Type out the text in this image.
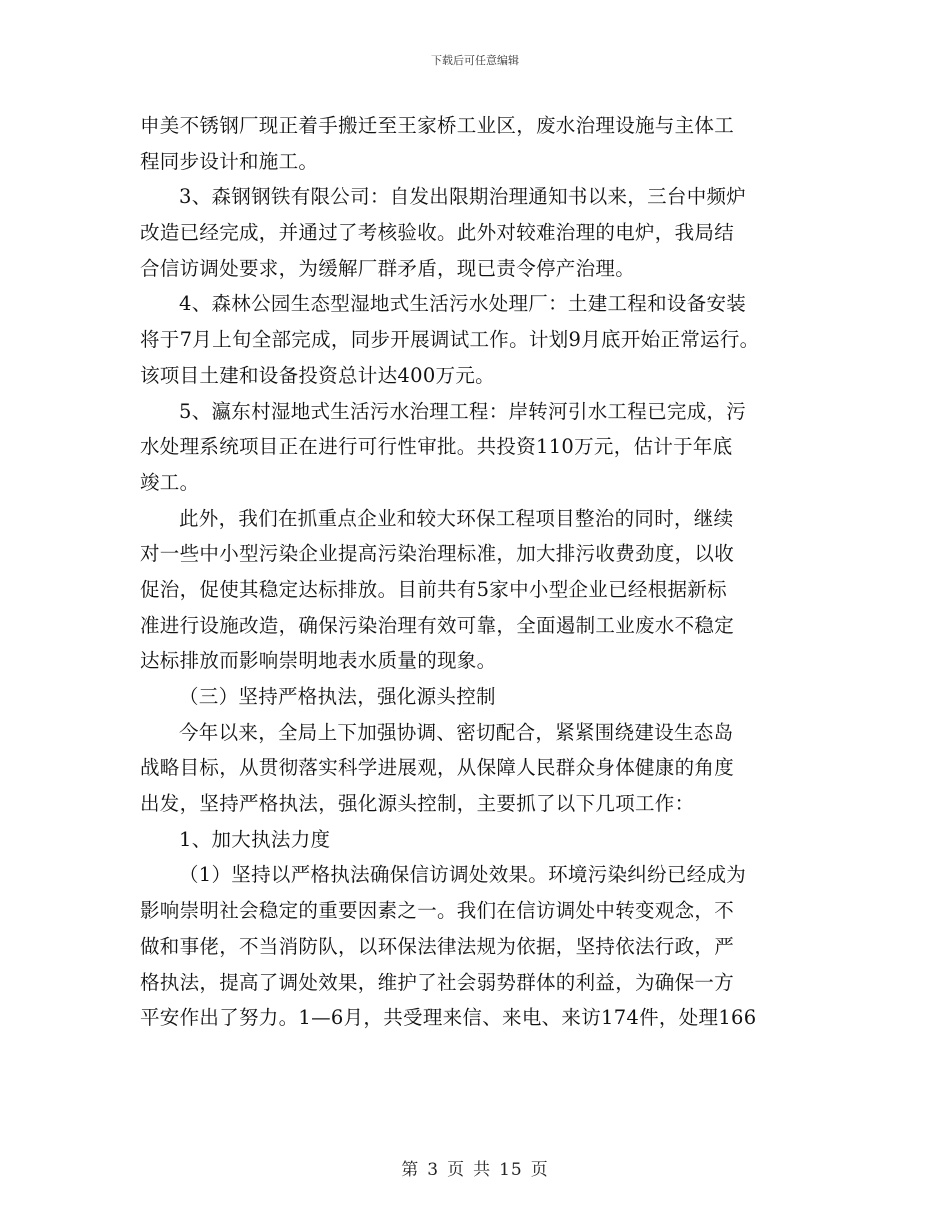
下载后可任意编辑
申美不锈钢厂现正着手搬迁至王家桥工业区，废水治理设施与主体工
程同步设计和施工。
3、森钢钢铁有限公司：自发出限期治理通知书以来，三台中频炉
改造已经完成，并通过了考核验收。此外对较难治理的电炉，我局结
合信访调处要求，为缓解厂群矛盾，现已责令停产治理。
4、森林公园生态型湿地式生活污水处理厂：土建工程和设备安装
将于7月上旬全部完成，同步开展调试工作。计划9月底开始正常运行。
该项目土建和设备投资总计达400万元。
5、瀛东村湿地式生活污水治理工程：岸转河引水工程已完成，污
水处理系统项目正在进行可行性审批。共投资110万元，估计于年底
竣工。
此外，我们在抓重点企业和较大环保工程项目整治的同时，继续
对一些中小型污染企业提高污染治理标准，加大排污收费劲度，以收
促治，促使其稳定达标排放。目前共有5家中小型企业已经根据新标
准进行设施改造，确保污染治理有效可靠，全面遏制工业废水不稳定
达标排放而影响崇明地表水质量的现象。
（三）坚持严格执法，强化源头控制
今年以来，全局上下加强协调、密切配合，紧紧围绕建设生态岛
战略目标，从贯彻落实科学进展观，从保障人民群众身体健康的角度
出发，坚持严格执法，强化源头控制，主要抓了以下几项工作：
1、加大执法力度
（1）坚持以严格执法确保信访调处效果。环境污染纠纷已经成为
影响崇明社会稳定的重要因素之一。我们在信访调处中转变观念，不
做和事佬，不当消防队，以环保法律法规为依据，坚持依法行政，严
格执法，提高了调处效果，维护了社会弱势群体的利益，为确保一方
平安作出了努力。1—6月，共受理来信、来电、来访174件，处理166
第 3 页 共 15 页
